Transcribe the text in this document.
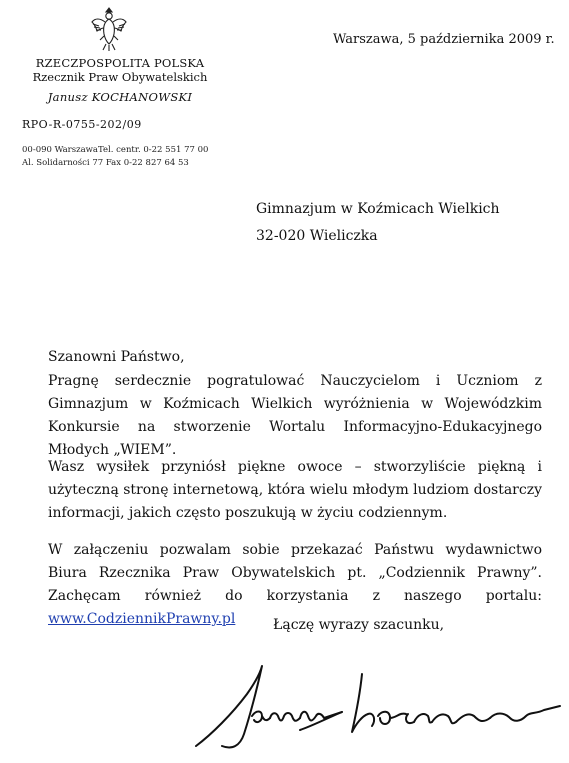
RZECZPOSPOLITA POLSKA
Rzecznik Praw Obywatelskich
Janusz KOCHANOWSKI
RPO-R-0755-202/09
00-090 WarszawaTel. centr. 0-22 551 77 00
Al. Solidarności 77 Fax 0-22 827 64 53
Warszawa, 5 października 2009 r.
Gimnazjum w Koźmicach Wielkich
32-020 Wieliczka
Szanowni Państwo,
Pragnę serdecznie pogratulować Nauczycielom i Uczniom z Gimnazjum w Koźmicach Wielkich wyróżnienia w Wojewódzkim Konkursie na stworzenie Wortalu Informacyjno-Edukacyjnego Młodych „WIEM”.
Wasz wysiłek przyniósł piękne owoce – stworzyliście piękną i użyteczną stronę internetową, która wielu młodym ludziom dostarczy informacji, jakich często poszukują w życiu codziennym.
W załączeniu pozwalam sobie przekazać Państwu wydawnictwo Biura Rzecznika Praw Obywatelskich pt. „Codziennik Prawny”. Zachęcam również do korzystania z naszego portalu: www.CodziennikPrawny.pl	Łączę wyrazy szacunku,
